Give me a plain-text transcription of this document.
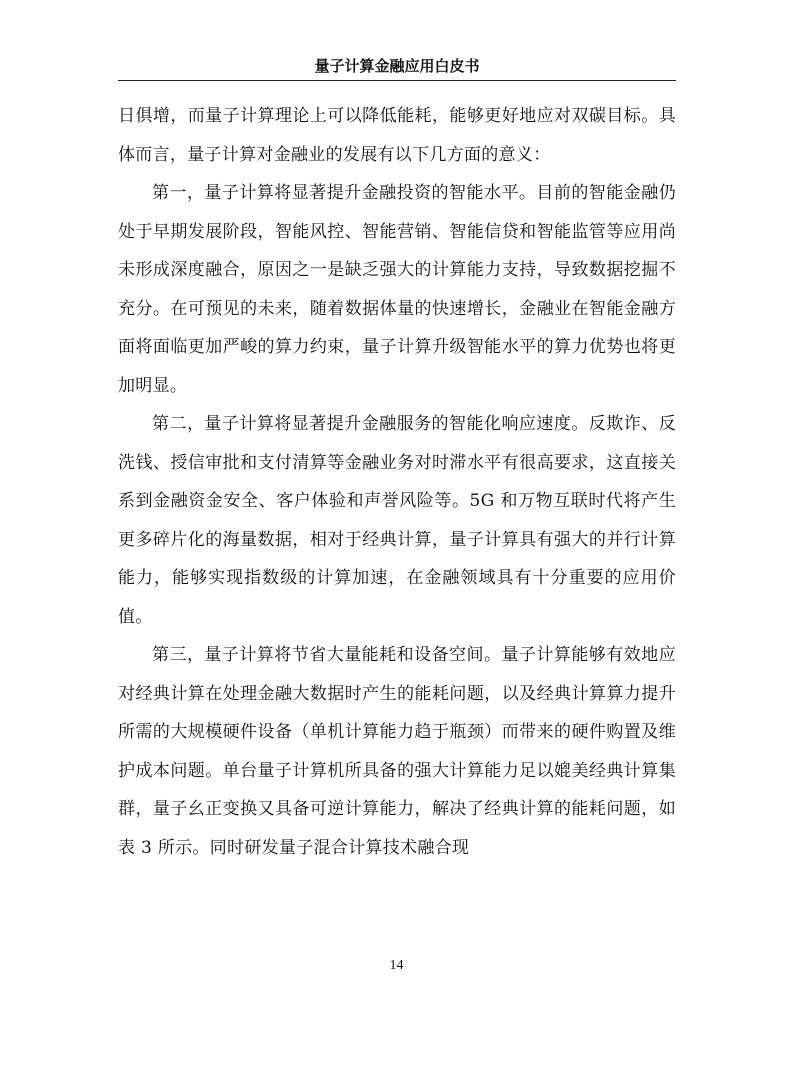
量子计算金融应用白皮书

日俱增，而量子计算理论上可以降低能耗，能够更好地应对双碳目标。具体而言，量子计算对金融业的发展有以下几方面的意义：

第一，量子计算将显著提升金融投资的智能水平。目前的智能金融仍处于早期发展阶段，智能风控、智能营销、智能信贷和智能监管等应用尚未形成深度融合，原因之一是缺乏强大的计算能力支持，导致数据挖掘不充分。在可预见的未来，随着数据体量的快速增长，金融业在智能金融方面将面临更加严峻的算力约束，量子计算升级智能水平的算力优势也将更加明显。

第二，量子计算将显著提升金融服务的智能化响应速度。反欺诈、反洗钱、授信审批和支付清算等金融业务对时滞水平有很高要求，这直接关系到金融资金安全、客户体验和声誉风险等。5G 和万物互联时代将产生更多碎片化的海量数据，相对于经典计算，量子计算具有强大的并行计算能力，能够实现指数级的计算加速，在金融领域具有十分重要的应用价值。

第三，量子计算将节省大量能耗和设备空间。量子计算能够有效地应对经典计算在处理金融大数据时产生的能耗问题，以及经典计算算力提升所需的大规模硬件设备（单机计算能力趋于瓶颈）而带来的硬件购置及维护成本问题。单台量子计算机所具备的强大计算能力足以媲美经典计算集群，量子幺正变换又具备可逆计算能力，解决了经典计算的能耗问题，如表 3 所示。同时研发量子混合计算技术融合现

14
